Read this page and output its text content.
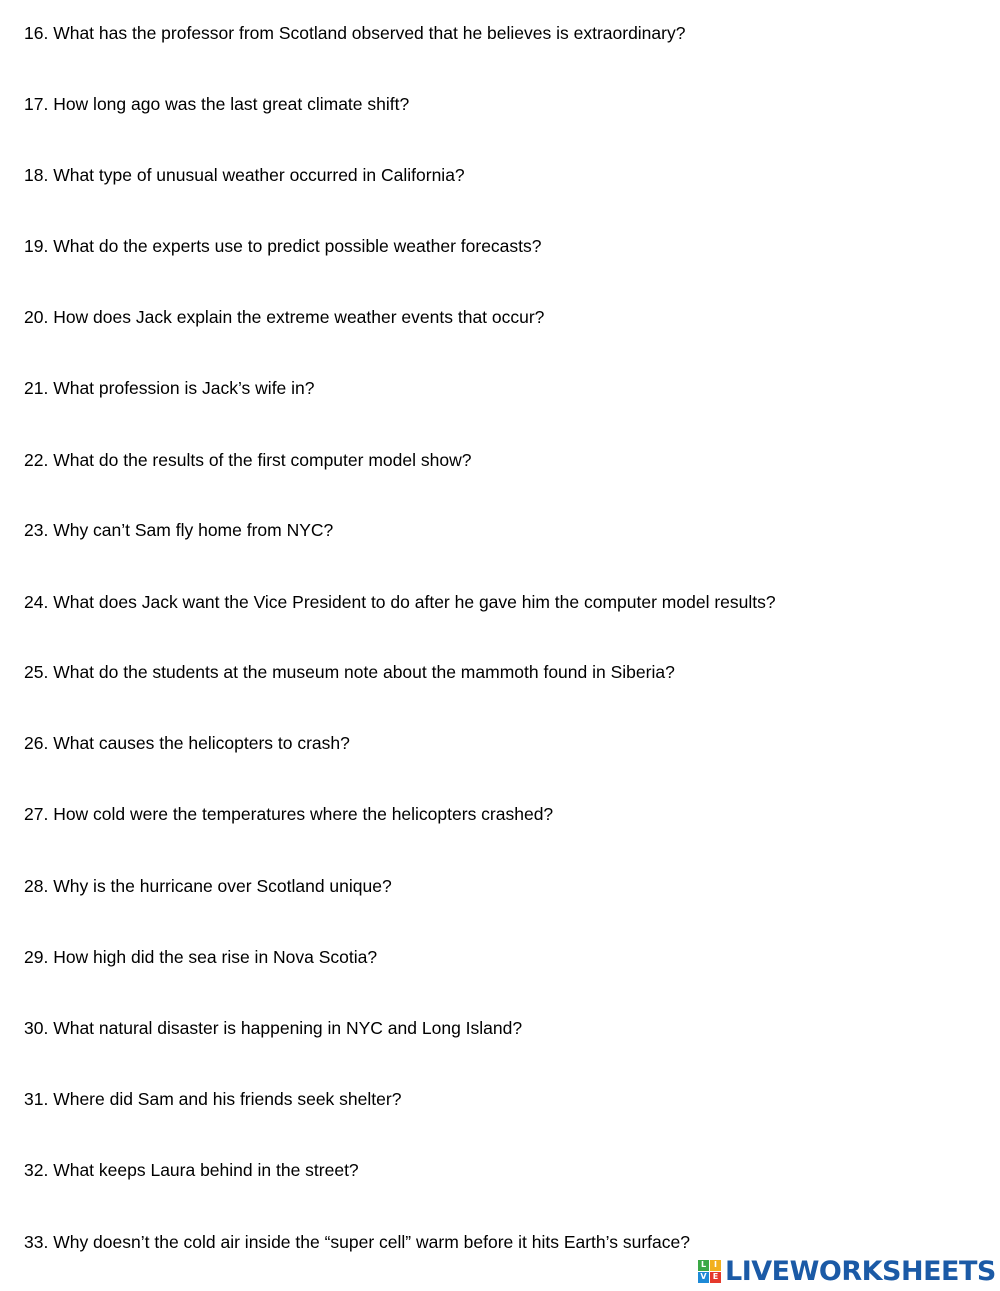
16. What has the professor from Scotland observed that he believes is extraordinary?

17. How long ago was the last great climate shift?

18. What type of unusual weather occurred in California?

19. What do the experts use to predict possible weather forecasts?

20. How does Jack explain the extreme weather events that occur?

21. What profession is Jack’s wife in?

22. What do the results of the first computer model show?

23. Why can’t Sam fly home from NYC?

24. What does Jack want the Vice President to do after he gave him the computer model results?

25. What do the students at the museum note about the mammoth found in Siberia?

26. What causes the helicopters to crash?

27. How cold were the temperatures where the helicopters crashed?

28. Why is the hurricane over Scotland unique?

29. How high did the sea rise in Nova Scotia?

30. What natural disaster is happening in NYC and Long Island?

31. Where did Sam and his friends seek shelter?

32. What keeps Laura behind in the street?

33. Why doesn’t the cold air inside the “super cell” warm before it hits Earth’s surface?

L I
V E LIVEWORKSHEETS
